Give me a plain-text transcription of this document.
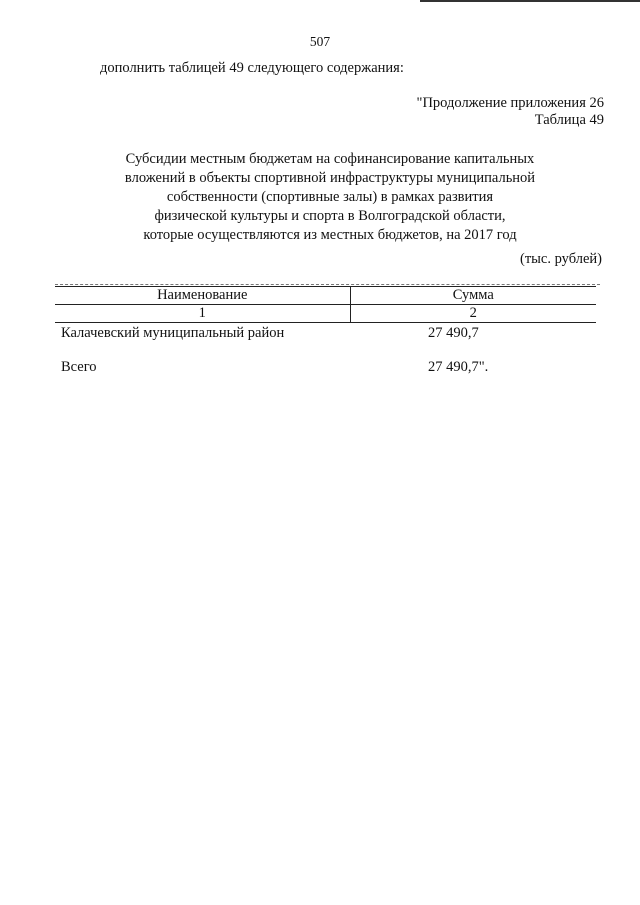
507
дополнить таблицей 49 следующего содержания:
"Продолжение приложения 26
Таблица 49
Субсидии местным бюджетам на софинансирование капитальных
вложений в объекты спортивной инфраструктуры муниципальной
собственности (спортивные залы) в рамках развития
физической культуры и спорта в Волгоградской области,
которые осуществляются из местных бюджетов, на 2017 год
(тыс. рублей)
Наименование	Сумма
1	2
Калачевский муниципальный район	27 490,7

Всего	27 490,7".
